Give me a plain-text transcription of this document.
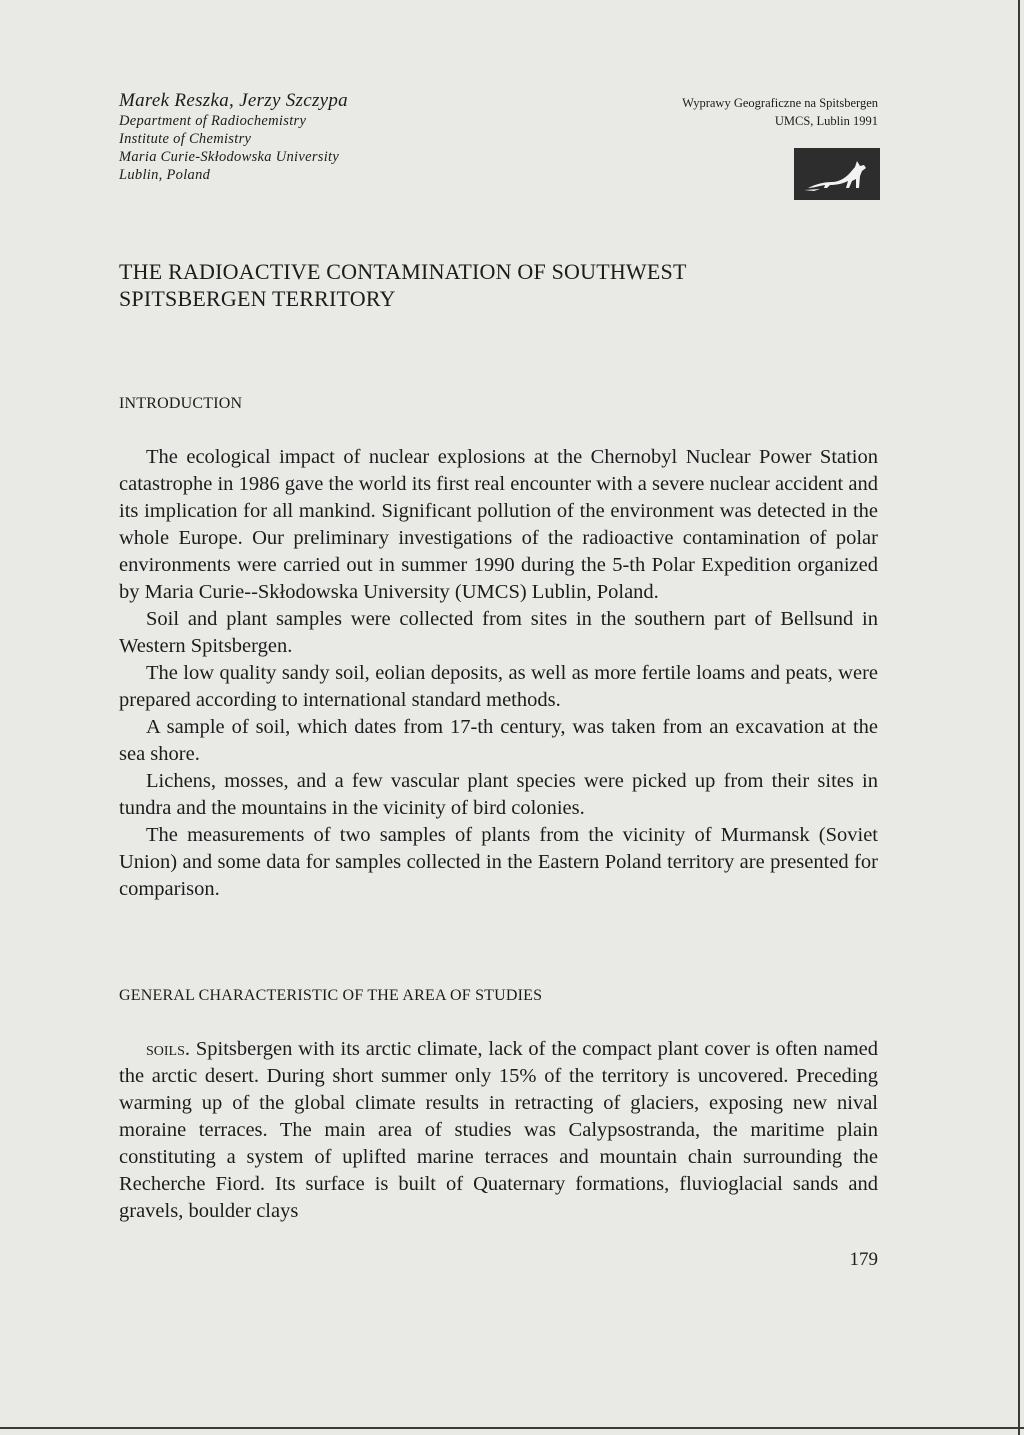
Marek Reszka, Jerzy Szczypa
Department of Radiochemistry
Institute of Chemistry
Maria Curie-Skłodowska University
Lublin, Poland
Wyprawy Geograficzne na Spitsbergen
UMCS, Lublin 1991
THE RADIOACTIVE CONTAMINATION OF SOUTHWEST
SPITSBERGEN TERRITORY
INTRODUCTION

The ecological impact of nuclear explosions at the Chernobyl Nuclear Power Station catastrophe in 1986 gave the world its first real encounter with a severe nuclear accident and its implication for all mankind. Significant pollution of the environment was detected in the whole Europe. Our preliminary investigations of the radioactive contamination of polar environments were carried out in summer 1990 during the 5-th Polar Expedition organized by Maria Curie--Skłodowska University (UMCS) Lublin, Poland.

Soil and plant samples were collected from sites in the southern part of Bellsund in Western Spitsbergen.

The low quality sandy soil, eolian deposits, as well as more fertile loams and peats, were prepared according to international standard methods.

A sample of soil, which dates from 17-th century, was taken from an excavation at the sea shore.

Lichens, mosses, and a few vascular plant species were picked up from their sites in tundra and the mountains in the vicinity of bird colonies.

The measurements of two samples of plants from the vicinity of Murmansk (Soviet Union) and some data for samples collected in the Eastern Poland territory are presented for comparison.

GENERAL CHARACTERISTIC OF THE AREA OF STUDIES

soils. Spitsbergen with its arctic climate, lack of the compact plant cover is often named the arctic desert. During short summer only 15% of the territory is uncovered. Preceding warming up of the global climate results in retracting of glaciers, exposing new nival moraine terraces. The main area of studies was Calypsostranda, the maritime plain constituting a system of uplifted marine terraces and mountain chain surrounding the Recherche Fiord. Its surface is built of Quaternary formations, fluvioglacial sands and gravels, boulder clays

179
